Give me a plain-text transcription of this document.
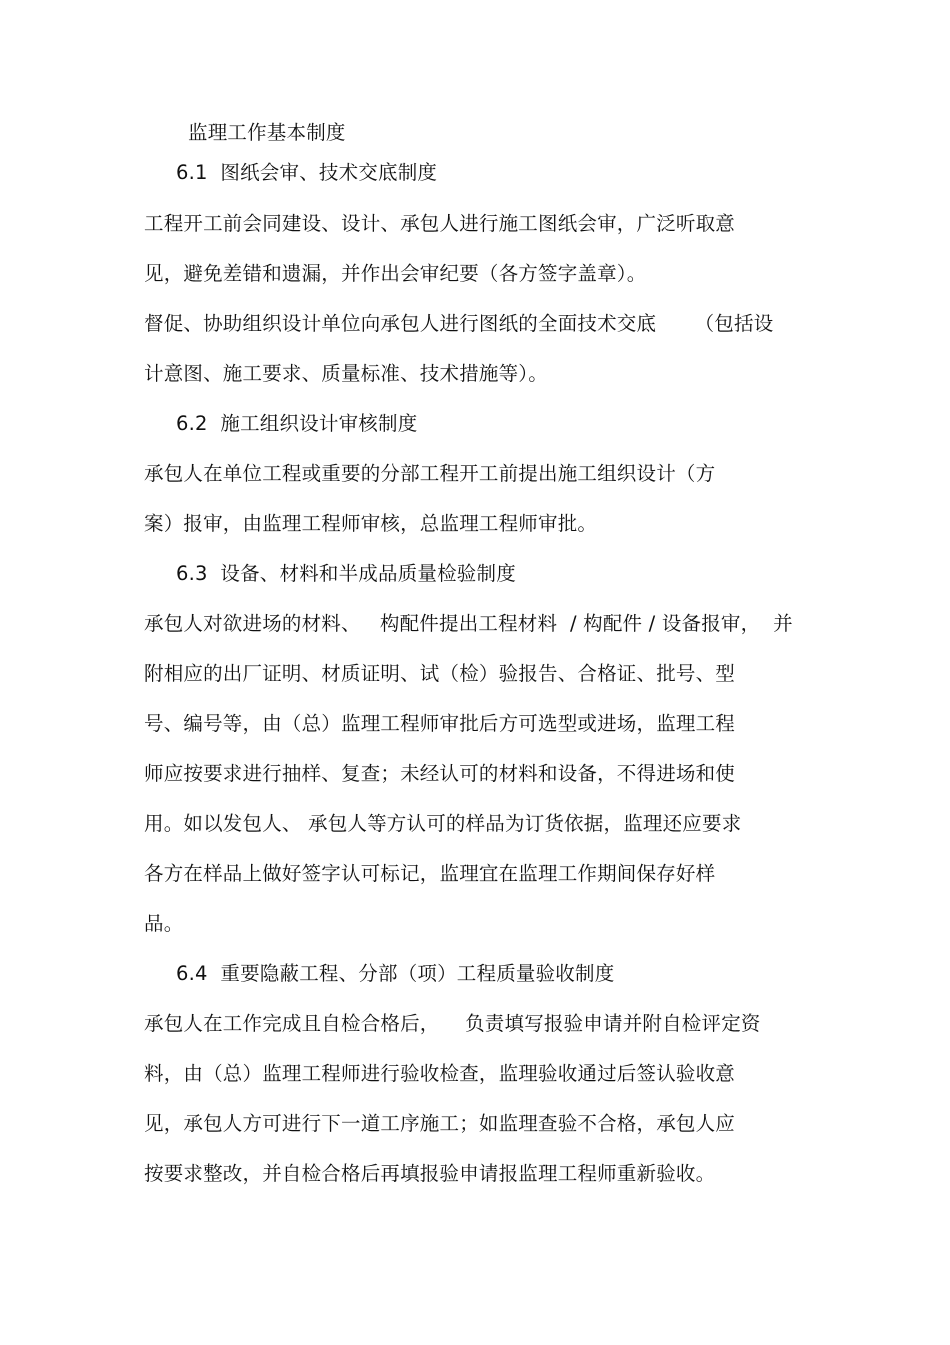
监理工作基本制度
6.1  图纸会审、技术交底制度
工程开工前会同建设、设计、承包人进行施工图纸会审，广泛听取意
见，避免差错和遗漏，并作出会审纪要（各方签字盖章）。
督促、协助组织设计单位向承包人进行图纸的全面技术交底      （包括设
计意图、施工要求、质量标准、技术措施等）。
6.2  施工组织设计审核制度
承包人在单位工程或重要的分部工程开工前提出施工组织设计（方
案）报审，由监理工程师审核，总监理工程师审批。
6.3  设备、材料和半成品质量检验制度
承包人对欲进场的材料、   构配件提出工程材料  / 构配件 / 设备报审，  并
附相应的出厂证明、材质证明、试（检）验报告、合格证、批号、型
号、编号等，由（总）监理工程师审批后方可选型或进场，监理工程
师应按要求进行抽样、复查；未经认可的材料和设备，不得进场和使
用。如以发包人、 承包人等方认可的样品为订货依据，监理还应要求
各方在样品上做好签字认可标记，监理宜在监理工作期间保存好样
品。
6.4  重要隐蔽工程、分部（项）工程质量验收制度
承包人在工作完成且自检合格后，    负责填写报验申请并附自检评定资
料，由（总）监理工程师进行验收检查，监理验收通过后签认验收意
见，承包人方可进行下一道工序施工；如监理查验不合格，承包人应
按要求整改，并自检合格后再填报验申请报监理工程师重新验收。
